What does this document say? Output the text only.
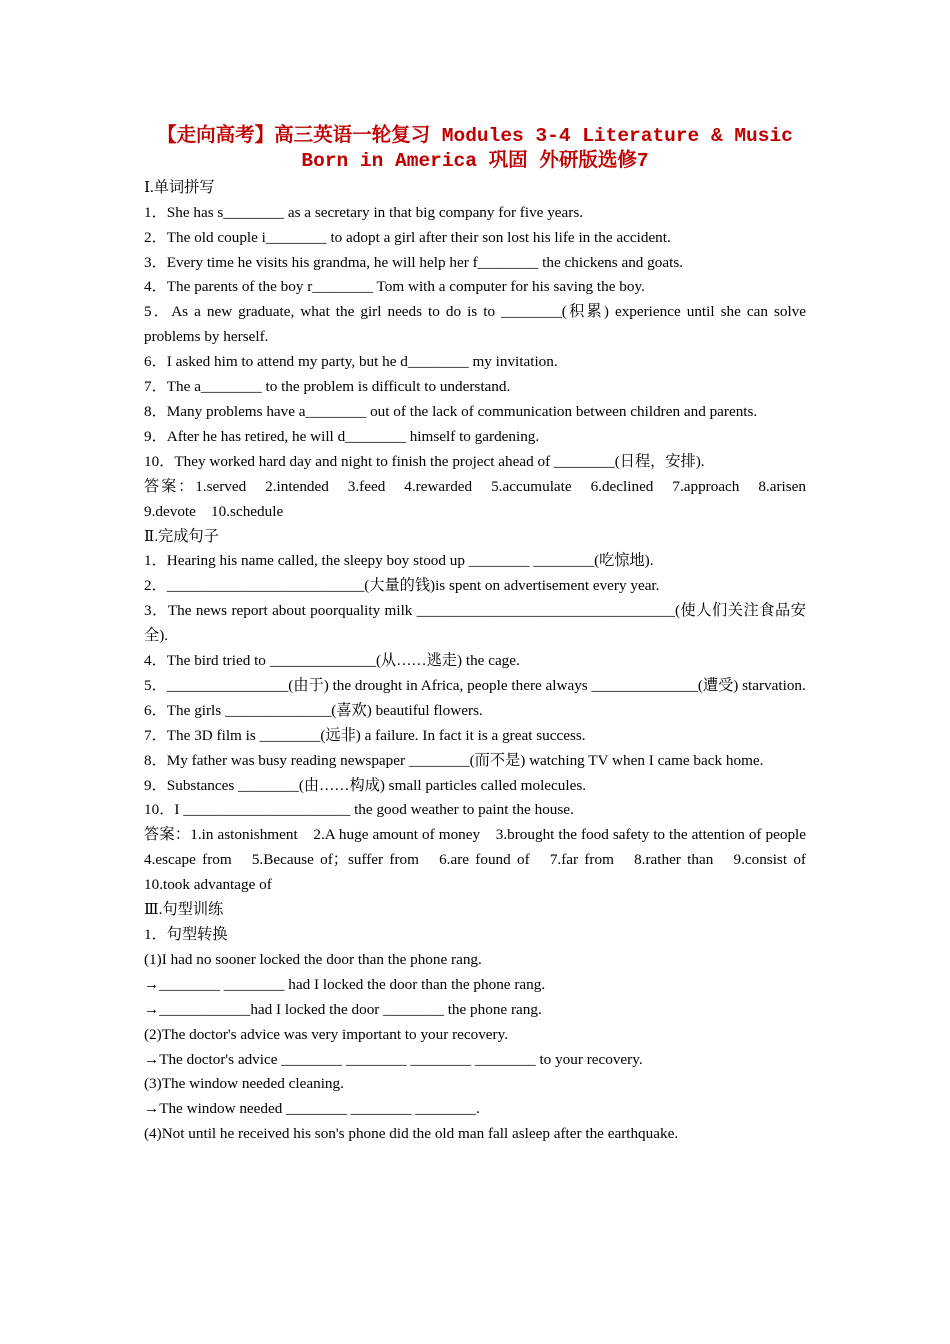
【走向高考】高三英语一轮复习 Modules 3-4 Literature & Music
Born in America 巩固 外研版选修7
Ⅰ.单词拼写
1．She has s________ as a secretary in that big company for five years.
2．The old couple i________ to adopt a girl after their son lost his life in the accident.
3．Every time he visits his grandma, he will help her f________ the chickens and goats.
4．The parents of the boy r________ Tom with a computer for his saving the boy.
5．As a new graduate, what the girl needs to do is to ________(积累) experience until she can solve problems by herself.
6．I asked him to attend my party, but he d________ my invitation.
7．The a________ to the problem is difficult to understand.
8．Many problems have a________ out of the lack of communication between children and parents.
9．After he has retired, he will d________ himself to gardening.
10．They worked hard day and night to finish the project ahead of ________(日程，安排).
答案：1.served　2.intended　3.feed　4.rewarded　5.accumulate　6.declined　7.approach　8.arisen　9.devote　10.schedule
Ⅱ.完成句子
1．Hearing his name called, the sleepy boy stood up ________ ________(吃惊地).
2．__________________________(大量的钱)is spent on advertisement every year.
3．The news report about poorquality milk __________________________________(使人们关注食品安全).
4．The bird tried to ______________(从……逃走) the cage.
5．________________(由于) the drought in Africa, people there always ______________(遭受) starvation.
6．The girls ______________(喜欢) beautiful flowers.
7．The 3D film is ________(远非) a failure. In fact it is a great success.
8．My father was busy reading newspaper ________(而不是) watching TV when I came back home.
9．Substances ________(由……构成) small particles called molecules.
10．I ______________________ the good weather to paint the house.
答案：1.in astonishment　2.A huge amount of money　3.brought the food safety to the attention of people　4.escape from　5.Because of；suffer from　6.are found of　7.far from　8.rather than　9.consist of　10.took advantage of
Ⅲ.句型训练
1．句型转换
(1)I had no sooner locked the door than the phone rang.
→________ ________ had I locked the door than the phone rang.
→____________had I locked the door ________ the phone rang.
(2)The doctor's advice was very important to your recovery.
→The doctor's advice ________ ________ ________ ________ to your recovery.
(3)The window needed cleaning.
→The window needed ________ ________ ________.
(4)Not until he received his son's phone did the old man fall asleep after the earthquake.
